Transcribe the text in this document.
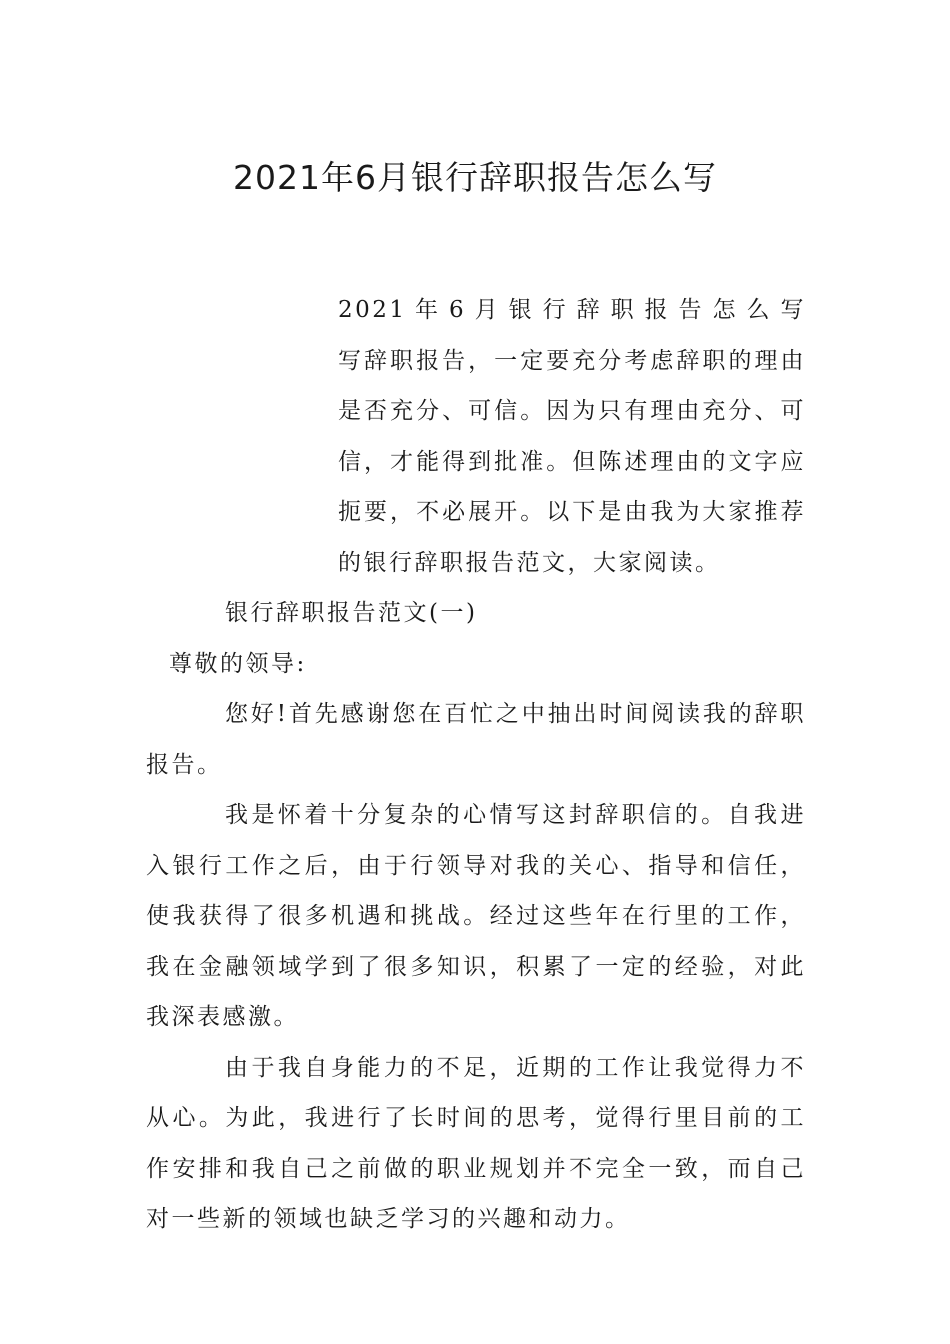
2021年6月银行辞职报告怎么写

2021年6月银行辞职报告怎么写　　　写辞职报告，一定要充分考虑辞职的理由是否充分、可信。因为只有理由充分、可信，才能得到批准。但陈述理由的文字应扼要，不必展开。以下是由我为大家推荐的银行辞职报告范文，大家阅读。

银行辞职报告范文(一)

尊敬的领导:

您好!首先感谢您在百忙之中抽出时间阅读我的辞职报告。

我是怀着十分复杂的心情写这封辞职信的。自我进入银行工作之后，由于行领导对我的关心、指导和信任，使我获得了很多机遇和挑战。经过这些年在行里的工作，我在金融领域学到了很多知识，积累了一定的经验，对此我深表感激。

由于我自身能力的不足，近期的工作让我觉得力不从心。为此，我进行了长时间的思考，觉得行里目前的工作安排和我自己之前做的职业规划并不完全一致，而自己对一些新的领域也缺乏学习的兴趣和动力。
